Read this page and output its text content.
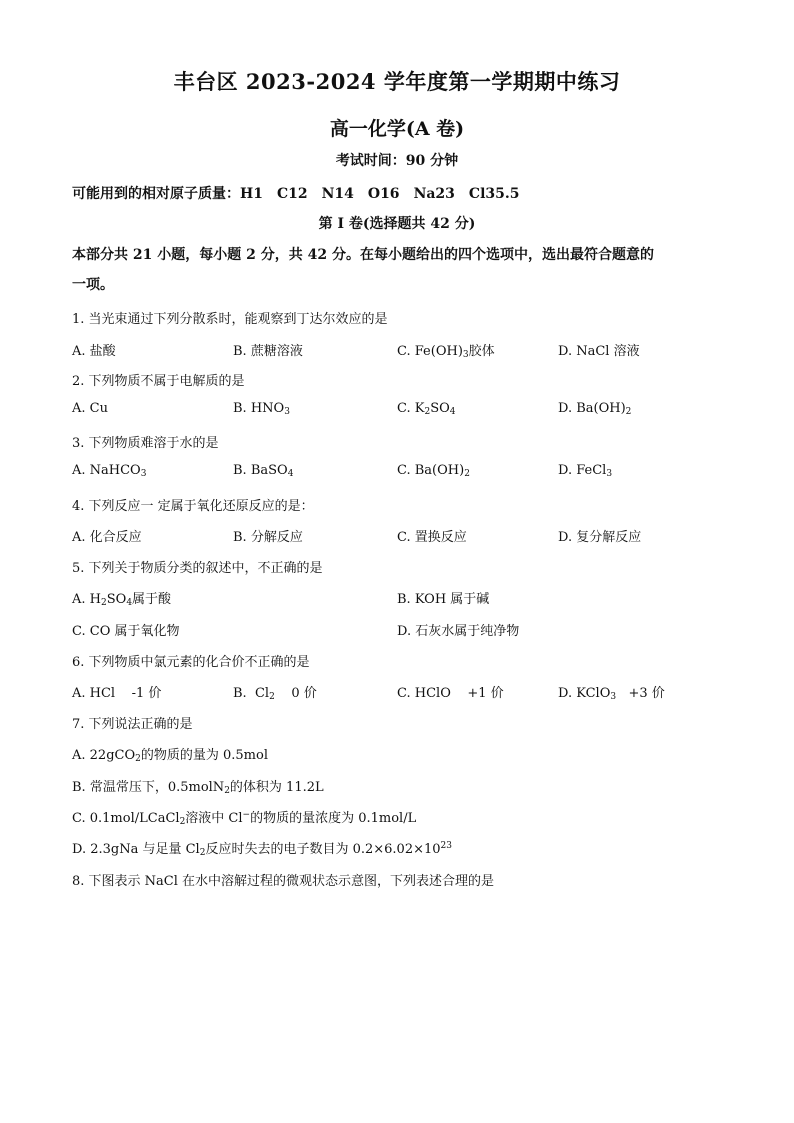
丰台区 2023-2024 学年度第一学期期中练习
高一化学(A 卷)
考试时间：90 分钟
可能用到的相对原子质量：H1 C12 N14 O16 Na23 Cl35.5
第 I 卷(选择题共 42 分)
本部分共 21 小题，每小题 2 分，共 42 分。在每小题给出的四个选项中，选出最符合题意的
一项。
1. 当光束通过下列分散系时，能观察到丁达尔效应的是
A. 盐酸	B. 蔗糖溶液	C. $Fe(OH)_3$胶体	D. NaCl 溶液
2. 下列物质不属于电解质的是
A. Cu	B. $HNO_3$	C. $K_2SO_4$	D. $Ba(OH)_2$
3. 下列物质难溶于水的是
A. NaHCO$_3$	B. BaSO$_4$	C. $Ba(OH)_2$	D. FeCl$_3$
4. 下列反应一 定属于氧化还原反应的是：
A. 化合反应	B. 分解反应	C. 置换反应	D. 复分解反应
5. 下列关于物质分类的叙述中，不正确的是
A. $H_2SO_4$属于酸	B. KOH 属于碱
C. CO 属于氧化物	D. 石灰水属于纯净物
6. 下列物质中氯元素的化合价不正确的是
A. HCl    -1 价	B.  $Cl_2$    0 价	C. HClO    +1 价	D. KClO$_3$   +3 价
7. 下列说法正确的是
A. 22gCO$_2$的物质的量为 0.5mol
B. 常温常压下，0.5molN$_2$的体积为 11.2L
C. 0.1mol/LCaCl$_2$溶液中 Cl−的物质的量浓度为 0.1mol/L
D. 2.3gNa 与足量 $Cl_2$反应时失去的电子数目为 $0.2\times 6.02\times 10^{23}$
8. 下图表示 NaCl 在水中溶解过程的微观状态示意图，下列表述合理的是
